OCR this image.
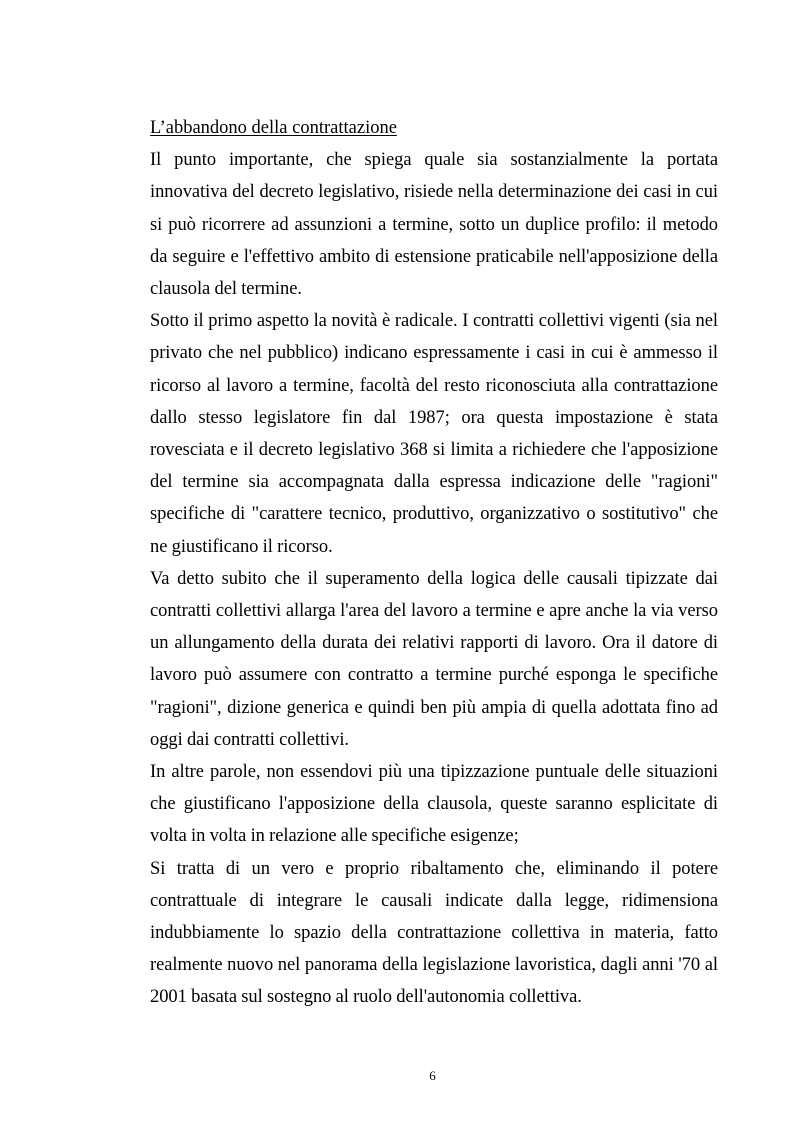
L’abbandono della contrattazione

Il punto importante, che spiega quale sia sostanzialmente la portata innovativa del decreto legislativo, risiede nella determinazione dei casi in cui si può ricorrere ad assunzioni a termine, sotto un duplice profilo: il metodo da seguire e l'effettivo ambito di estensione praticabile nell'apposizione della clausola del termine.

Sotto il primo aspetto la novità è radicale. I contratti collettivi vigenti (sia nel privato che nel pubblico) indicano espressamente i casi in cui è ammesso il ricorso al lavoro a termine, facoltà del resto riconosciuta alla contrattazione dallo stesso legislatore fin dal 1987; ora questa impostazione è stata rovesciata e il decreto legislativo 368 si limita a richiedere che l'apposizione del termine sia accompagnata dalla espressa indicazione delle "ragioni" specifiche di "carattere tecnico, produttivo, organizzativo o sostitutivo" che ne giustificano il ricorso.

Va detto subito che il superamento della logica delle causali tipizzate dai contratti collettivi allarga l'area del lavoro a termine e apre anche la via verso un allungamento della durata dei relativi rapporti di lavoro. Ora il datore di lavoro può assumere con contratto a termine purché esponga le specifiche "ragioni", dizione generica e quindi ben più ampia di quella adottata fino ad oggi dai contratti collettivi.

In altre parole, non essendovi più una tipizzazione puntuale delle situazioni che giustificano l'apposizione della clausola, queste saranno esplicitate di volta in volta in relazione alle specifiche esigenze;

Si tratta di un vero e proprio ribaltamento che, eliminando il potere contrattuale di integrare le causali indicate dalla legge, ridimensiona indubbiamente lo spazio della contrattazione collettiva in materia, fatto realmente nuovo nel panorama della legislazione lavoristica, dagli anni '70 al 2001 basata sul sostegno al ruolo dell'autonomia collettiva.

6
